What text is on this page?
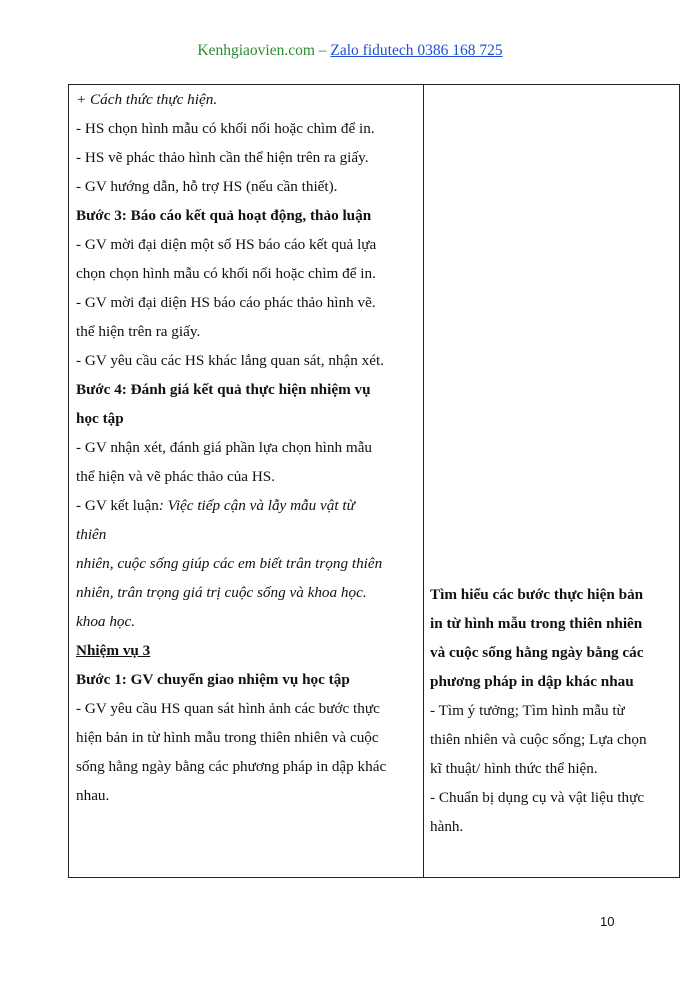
Kenhgiaovien.com – Zalo fidutech 0386 168 725
+ Cách thức thực hiện.
- HS chọn hình mẫu có khối nổi hoặc chìm để in.
- HS vẽ phác thảo hình cần thể hiện trên ra giấy.
- GV hướng dẫn, hỗ trợ HS (nếu cần thiết).
Bước 3: Báo cáo kết quả hoạt động, thảo luận
- GV mời đại diện một số HS báo cáo kết quả lựa
chọn chọn hình mẫu có khối nổi hoặc chìm để in.
- GV mời đại diện HS báo cáo phác thảo hình vẽ.
thể hiện trên ra giấy.
- GV yêu cầu các HS khác lắng quan sát, nhận xét.
Bước 4: Đánh giá kết quả thực hiện nhiệm vụ
học tập
- GV nhận xét, đánh giá phần lựa chọn hình mẫu
thể hiện và vẽ phác thảo của HS.
- GV kết luận: Việc tiếp cận và lẫy mẫu vật từ
thiên
nhiên, cuộc sống giúp các em biết trân trọng thiên
nhiên, trân trọng giá trị cuộc sống và khoa học.
khoa học.
Nhiệm vụ 3
Bước 1: GV chuyển giao nhiệm vụ học tập
- GV yêu cầu HS quan sát hình ảnh các bước thực
hiện bản in từ hình mẫu trong thiên nhiên và cuộc
sống hằng ngày bằng các phương pháp in dập khác
nhau.

Tìm hiểu các bước thực hiện bản
in từ hình mẫu trong thiên nhiên
và cuộc sống hằng ngày bằng các
phương pháp in dập khác nhau
- Tìm ý tưởng; Tìm hình mẫu từ
thiên nhiên và cuộc sống; Lựa chọn
kĩ thuật/ hình thức thể hiện.
- Chuẩn bị dụng cụ và vật liệu thực
hành.
10
